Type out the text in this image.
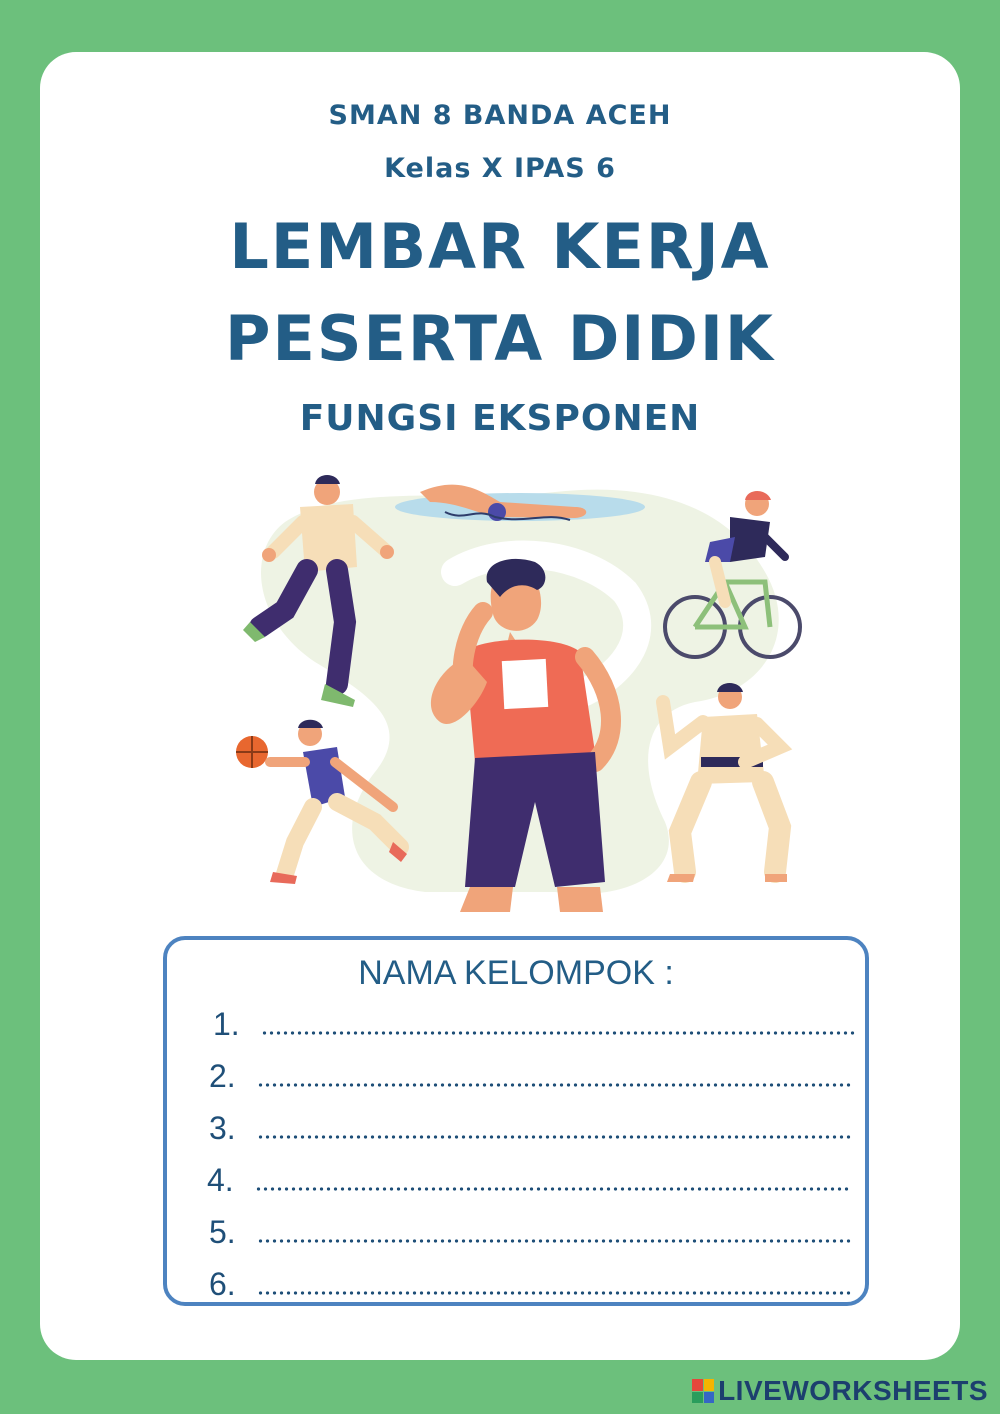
SMAN 8 BANDA ACEH
Kelas X IPAS 6
LEMBAR KERJA
PESERTA DIDIK
FUNGSI EKSPONEN
NAMA KELOMPOK :
1.
2.
3.
4.
5.
6.
LIVEWORKSHEETS
